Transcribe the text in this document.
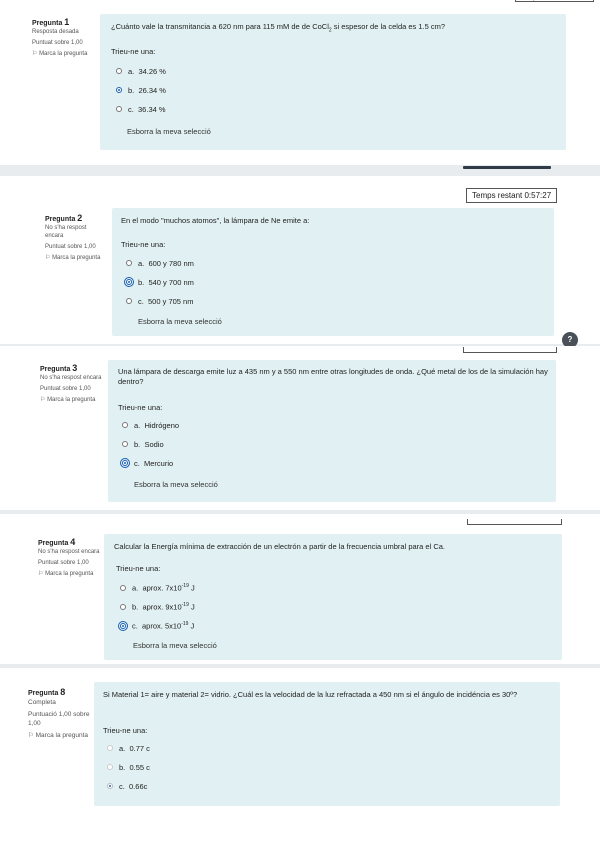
Pregunta 1
Resposta desada
Puntuat sobre 1,00
⚐ Marca la pregunta
¿Cuánto vale la transmitancia a 620 nm para 115 mM de de CoCl$_2$ si espesor de la celda es 1.5 cm?
Trieu-ne una:
a. 34.26 %
b. 26.34 %
c. 36.34 %
Esborra la meva selecció
Temps restant 0:57:27
Pregunta 2
No s'ha respost encara
Puntuat sobre 1,00
⚐ Marca la pregunta
En el modo "muchos atomos", la lámpara de Ne emite a:
Trieu-ne una:
a. 600 y 780 nm
b. 540 y 700 nm
c. 500 y 705 nm
Esborra la meva selecció
?
Pregunta 3
No s'ha respost encara
Puntuat sobre 1,00
⚐ Marca la pregunta
Una lámpara de descarga emite luz a 435 nm y a 550 nm entre otras longitudes de onda. ¿Qué metal de los de la simulación hay dentro?
Trieu-ne una:
a. Hidrógeno
b. Sodio
c. Mercurio
Esborra la meva selecció
Pregunta 4
No s'ha respost encara
Puntuat sobre 1,00
⚐ Marca la pregunta
Calcular la Energía mínima de extracción de un electrón a partir de la frecuencia umbral para el Ca.
Trieu-ne una:
a. aprox. $7x10^{-19}$ J
b. aprox. $9x10^{-19}$ J
c. aprox. $5x10^{-19}$ J
Esborra la meva selecció
Pregunta 8
Completa
Puntuació 1,00 sobre 1,00
⚐ Marca la pregunta
Si Material 1= aire y material 2= vidrio. ¿Cuál es la velocidad de la luz refractada a 450 nm si el ángulo de incidéncia es 30º?
Trieu-ne una:
a. 0.77 c
b. 0.55 c
c. 0.66c
